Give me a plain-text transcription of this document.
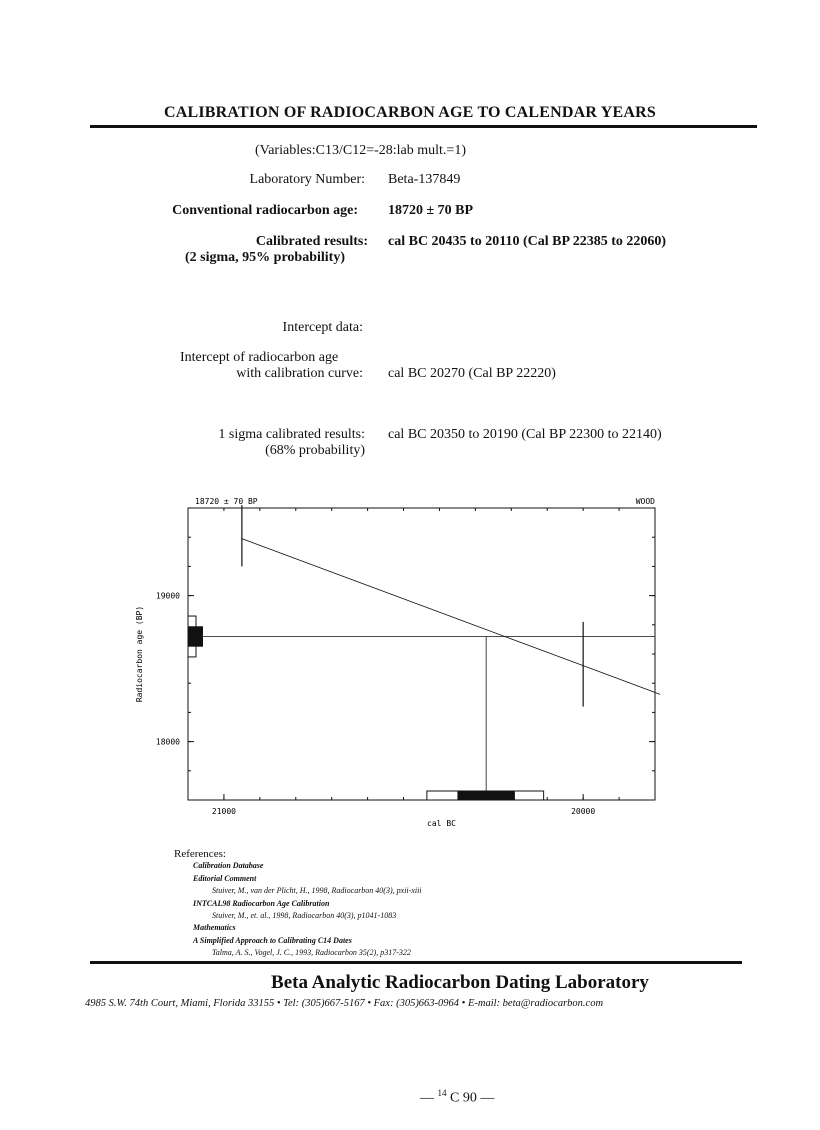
CALIBRATION OF RADIOCARBON AGE TO CALENDAR YEARS
(Variables:C13/C12=-28:lab mult.=1)
Laboratory Number: Beta-137849
Conventional radiocarbon age: 18720 ± 70 BP
Calibrated results:
(2 sigma, 95% probability)
cal BC 20435 to 20110 (Cal BP 22385 to 22060)
Intercept data:
Intercept of radiocarbon age
with calibration curve: cal BC 20270 (Cal BP 22220)
1 sigma calibrated results:
(68% probability)
cal BC 20350 to 20190 (Cal BP 22300 to 22140)
18720 ± 70 BP	WOOD
21000	20000
cal BC
19000
18000
Radiocarbon age (BP)
References:
Calibration Database
Editorial Comment
Stuiver, M., van der Plicht, H., 1998, Radiocarbon 40(3), pxii-xiii
INTCAL98 Radiocarbon Age Calibration
Stuiver, M., et. al., 1998, Radiocarbon 40(3), p1041-1083
Mathematics
A Simplified Approach to Calibrating C14 Dates
Talma, A. S., Vogel, J. C., 1993, Radiocarbon 35(2), p317-322
Beta Analytic Radiocarbon Dating Laboratory
4985 S.W. 74th Court, Miami, Florida 33155 • Tel: (305)667-5167 • Fax: (305)663-0964 • E-mail: beta@radiocarbon.com
— $^{14}$ C 90 —
